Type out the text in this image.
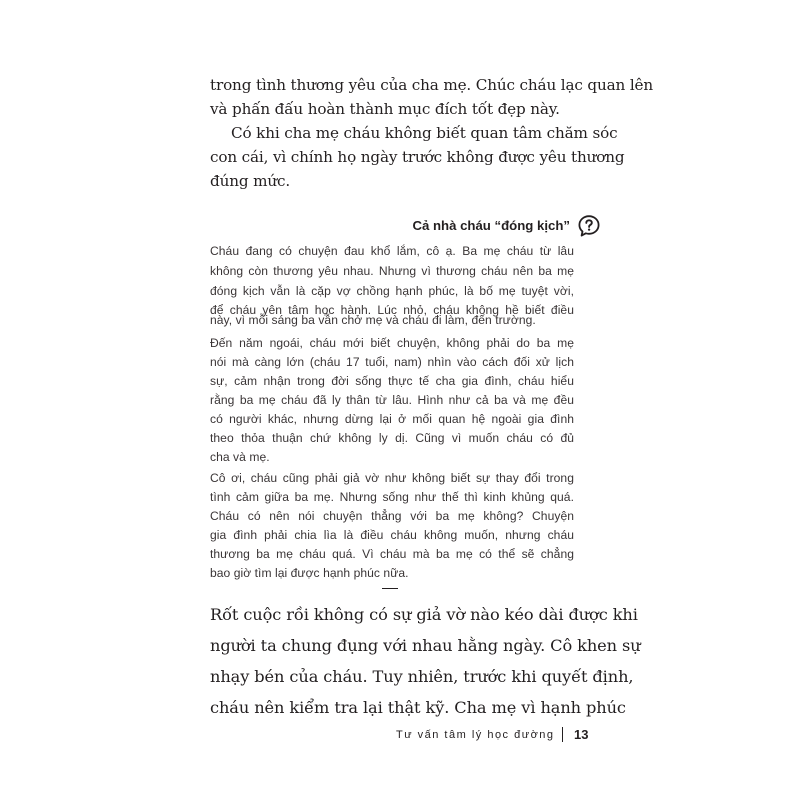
trong tình thương yêu của cha mẹ. Chúc cháu lạc quan lên
và phấn đấu hoàn thành mục đích tốt đẹp này.
Có khi cha mẹ cháu không biết quan tâm chăm sóc
con cái, vì chính họ ngày trước không được yêu thương
đúng mức.
Cả nhà cháu “đóng kịch”
Cháu đang có chuyện đau khổ lắm, cô ạ. Ba mẹ cháu từ lâu
không còn thương yêu nhau. Nhưng vì thương cháu nên ba mẹ
đóng kịch vẫn là cặp vợ chồng hạnh phúc, là bố mẹ tuyệt vời,
để cháu yên tâm học hành. Lúc nhỏ, cháu không hề biết điều
này, vì mỗi sáng ba vẫn chở mẹ và cháu đi làm, đến trường.
Đến năm ngoái, cháu mới biết chuyện, không phải do ba mẹ
nói mà càng lớn (cháu 17 tuổi, nam) nhìn vào cách đối xử lịch
sự, cảm nhận trong đời sống thực tế cha gia đình, cháu hiểu
rằng ba mẹ cháu đã ly thân từ lâu. Hình như cả ba và mẹ đều
có người khác, nhưng dừng lại ở mối quan hệ ngoài gia đình
theo thỏa thuận chứ không ly dị. Cũng vì muốn cháu có đủ
cha và mẹ.
Cô ơi, cháu cũng phải giả vờ như không biết sự thay đổi trong
tình cảm giữa ba mẹ. Nhưng sống như thế thì kinh khủng quá.
Cháu có nên nói chuyện thẳng với ba mẹ không? Chuyện
gia đình phải chia lìa là điều cháu không muốn, nhưng cháu
thương ba mẹ cháu quá. Vì cháu mà ba mẹ có thể sẽ chẳng
bao giờ tìm lại được hạnh phúc nữa.
Rốt cuộc rồi không có sự giả vờ nào kéo dài được khi
người ta chung đụng với nhau hằng ngày. Cô khen sự
nhạy bén của cháu. Tuy nhiên, trước khi quyết định,
cháu nên kiểm tra lại thật kỹ. Cha mẹ vì hạnh phúc
Tư vấn tâm lý học đường 13
